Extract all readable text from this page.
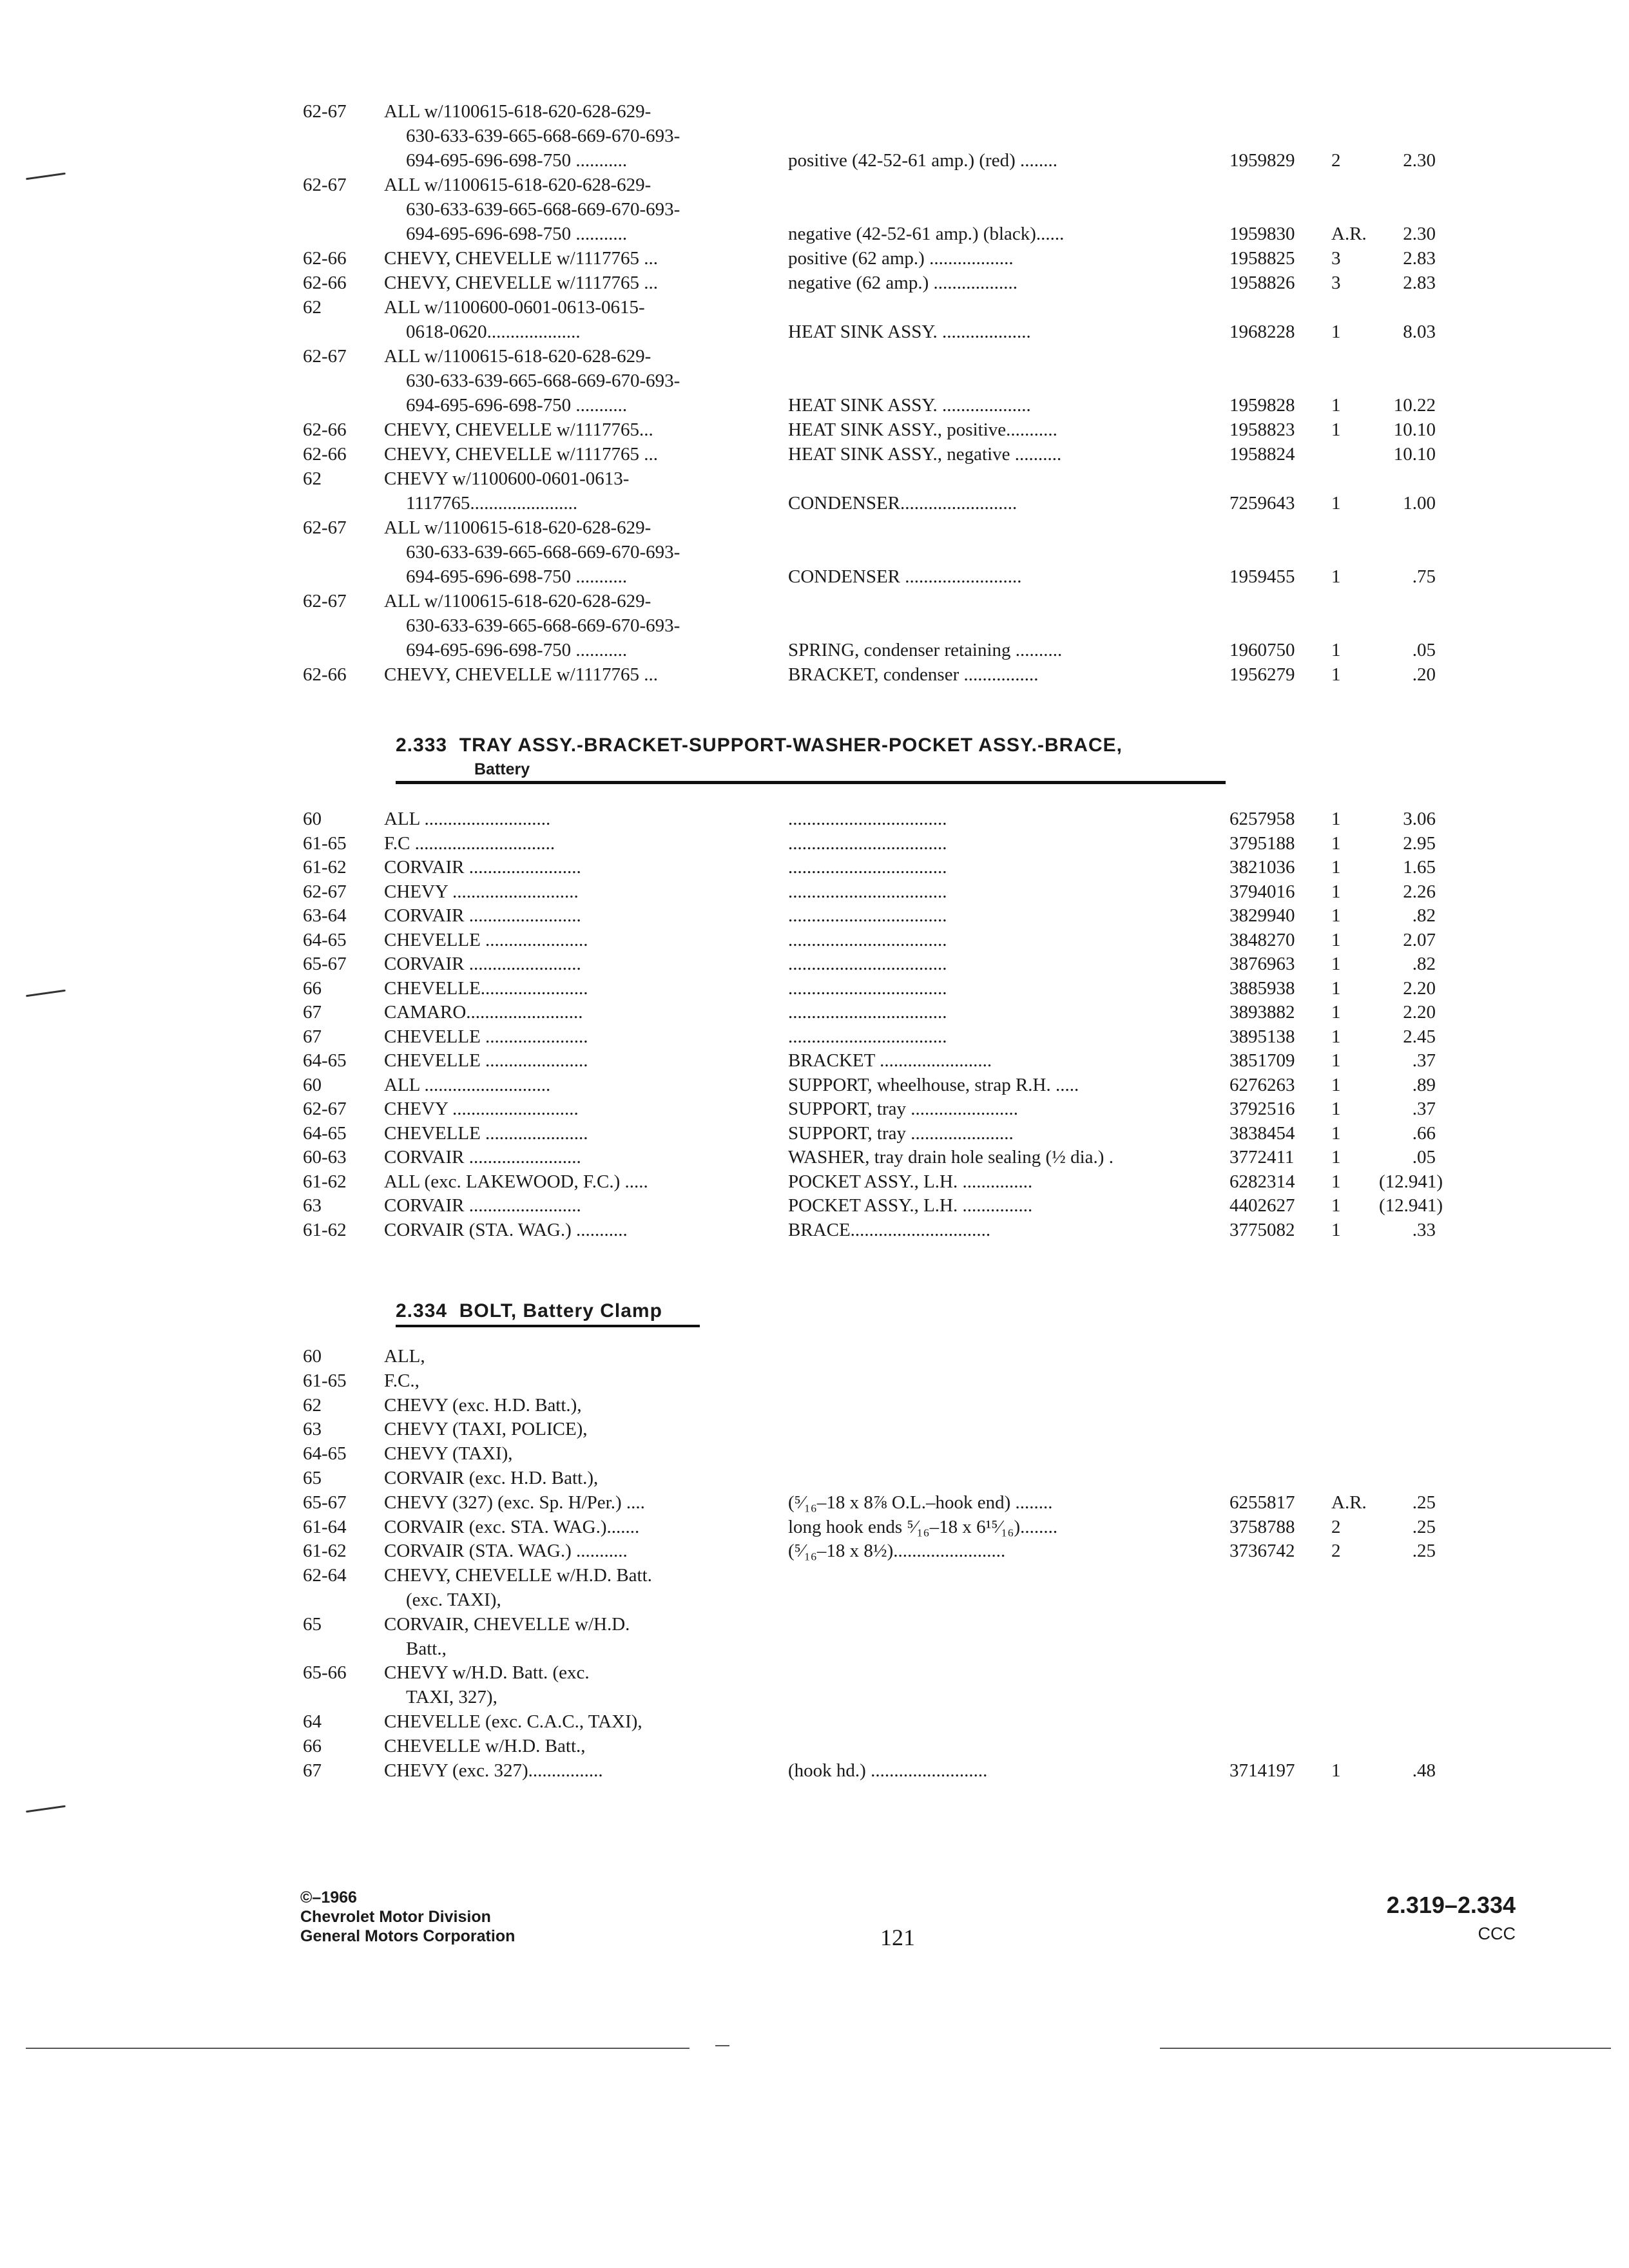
62-67 ALL w/1100615-618-620-628-629-
630-633-639-665-668-669-670-693-
694-695-696-698-750 ...........	positive (42-52-61 amp.) (red) ........	1959829 2	2.30
62-67 ALL w/1100615-618-620-628-629-
630-633-639-665-668-669-670-693-
694-695-696-698-750 ...........	negative (42-52-61 amp.) (black)......	1959830 A.R.	2.30
62-66 CHEVY, CHEVELLE w/1117765 ...	positive (62 amp.) ..................	1958825 3	2.83
62-66 CHEVY, CHEVELLE w/1117765 ...	negative (62 amp.) ..................	1958826 3	2.83
62	ALL w/1100600-0601-0613-0615-
0618-0620....................	HEAT SINK ASSY. ...................	1968228 1	8.03
62-67 ALL w/1100615-618-620-628-629-
630-633-639-665-668-669-670-693-
694-695-696-698-750 ...........	HEAT SINK ASSY. ...................	1959828 1	10.22
62-66 CHEVY, CHEVELLE w/1117765...	HEAT SINK ASSY., positive...........	1958823 1	10.10
62-66 CHEVY, CHEVELLE w/1117765 ...	HEAT SINK ASSY., negative ..........	1958824	10.10
62	CHEVY w/1100600-0601-0613-
1117765.......................	CONDENSER.........................	7259643 1	1.00
62-67 ALL w/1100615-618-620-628-629-
630-633-639-665-668-669-670-693-
694-695-696-698-750 ...........	CONDENSER .........................	1959455 1	.75
62-67 ALL w/1100615-618-620-628-629-
630-633-639-665-668-669-670-693-
694-695-696-698-750 ...........	SPRING, condenser retaining ..........	1960750 1	.05
62-66 CHEVY, CHEVELLE w/1117765 ...	BRACKET, condenser ................	1956279 1	.20
2.333 TRAY ASSY.-BRACKET-SUPPORT-WASHER-POCKET ASSY.-BRACE,
Battery
60	ALL ...........................	..................................	6257958 1	3.06
61-65 F.C ..............................	..................................	3795188 1	2.95
61-62 CORVAIR ........................	..................................	3821036 1	1.65
62-67 CHEVY ...........................	..................................	3794016 1	2.26
63-64 CORVAIR ........................	..................................	3829940 1	.82
64-65 CHEVELLE ......................	..................................	3848270 1	2.07
65-67 CORVAIR ........................	..................................	3876963 1	.82
66	CHEVELLE.......................	..................................	3885938 1	2.20
67	CAMARO.........................	..................................	3893882 1	2.20
67	CHEVELLE ......................	..................................	3895138 1	2.45
64-65 CHEVELLE ......................	BRACKET ........................	3851709 1	.37
60	ALL ...........................	SUPPORT, wheelhouse, strap R.H. .....	6276263 1	.89
62-67 CHEVY ...........................	SUPPORT, tray .......................	3792516 1	.37
64-65 CHEVELLE ......................	SUPPORT, tray ......................	3838454 1	.66
60-63 CORVAIR ........................	WASHER, tray drain hole sealing (½ dia.) .	3772411 1	.05
61-62 ALL (exc. LAKEWOOD, F.C.) .....	POCKET ASSY., L.H. ...............	6282314 1 (12.941)
63	CORVAIR ........................	POCKET ASSY., L.H. ...............	4402627 1 (12.941)
61-62 CORVAIR (STA. WAG.) ...........	BRACE..............................	3775082 1	.33
2.334 BOLT, Battery Clamp
60	ALL,
61-65 F.C.,
62	CHEVY (exc. H.D. Batt.),
63	CHEVY (TAXI, POLICE),
64-65 CHEVY (TAXI),
65	CORVAIR (exc. H.D. Batt.),
65-67 CHEVY (327) (exc. Sp. H/Per.) ....	(⁵⁄₁₆–18 x 8⅞ O.L.–hook end) ........	6255817 A.R.	.25
61-64 CORVAIR (exc. STA. WAG.).......	long hook ends ⁵⁄₁₆–18 x 6¹⁵⁄₁₆)........	3758788 2	.25
61-62 CORVAIR (STA. WAG.) ...........	(⁵⁄₁₆–18 x 8½)........................	3736742 2	.25
62-64 CHEVY, CHEVELLE w/H.D. Batt.
(exc. TAXI),
65	CORVAIR, CHEVELLE w/H.D.
Batt.,
65-66 CHEVY w/H.D. Batt. (exc.
TAXI, 327),
64	CHEVELLE (exc. C.A.C., TAXI),
66	CHEVELLE w/H.D. Batt.,
67	CHEVY (exc. 327)................	(hook hd.) .........................	3714197 1	.48
©–1966
Chevrolet Motor Division
General Motors Corporation	121
2.319–2.334
CCC
